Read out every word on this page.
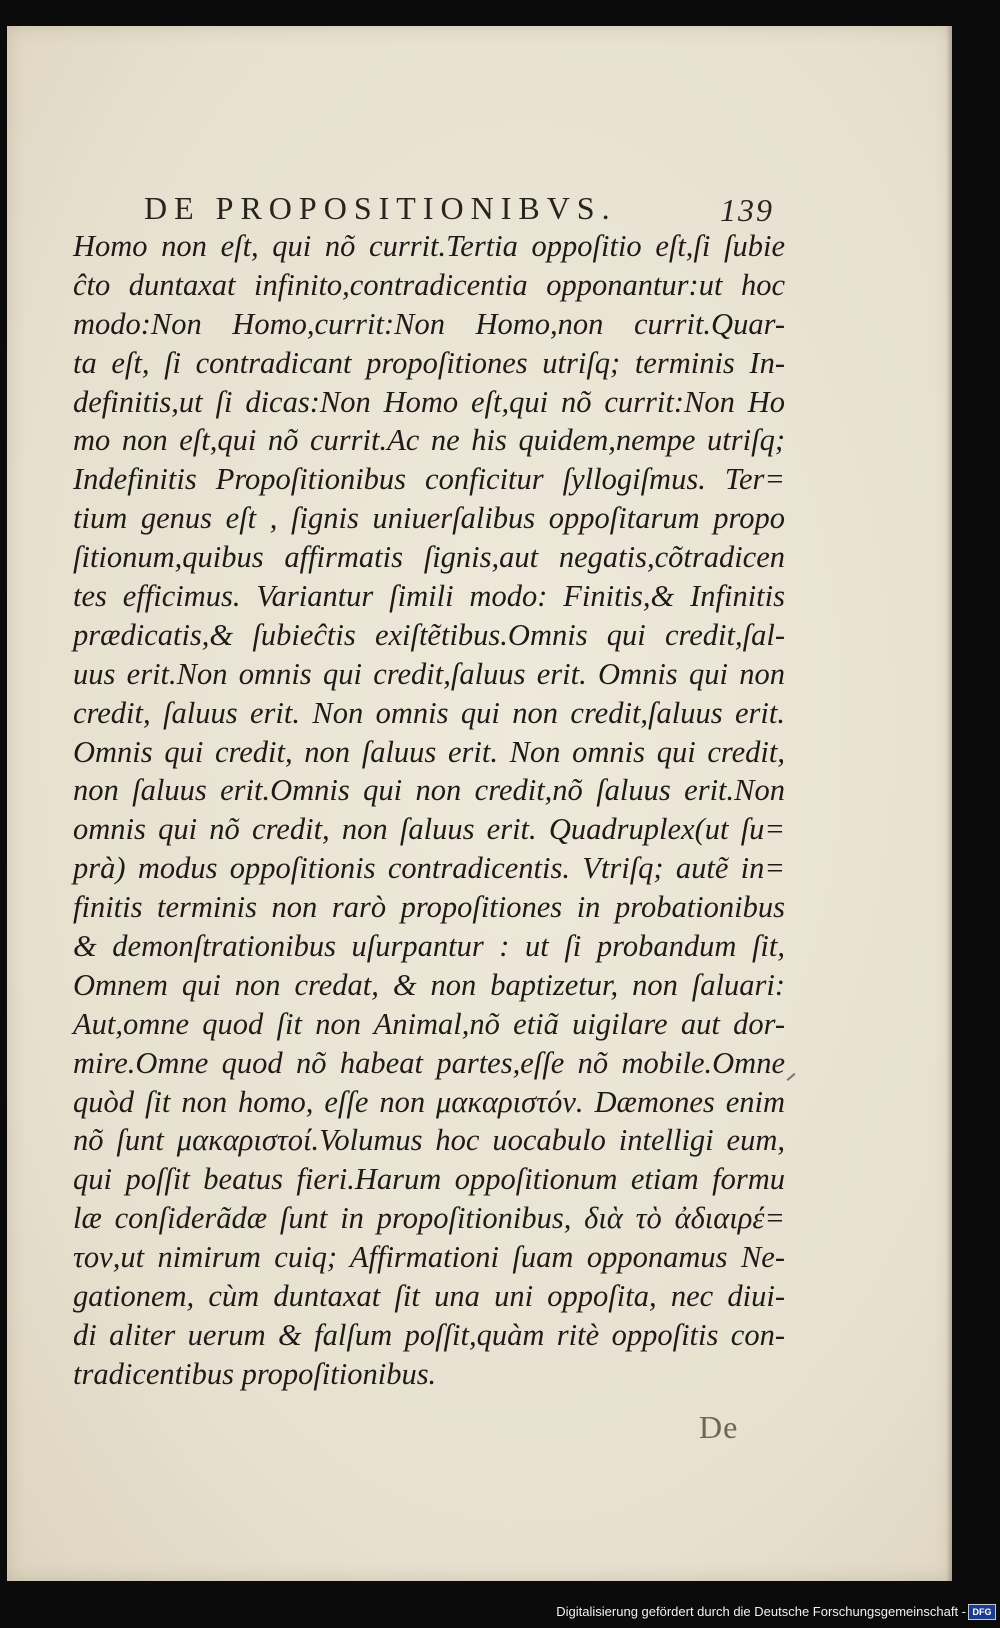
DE PROPOSITIONIBVS.	139
Homo non eſt, qui nõ currit.Tertia oppoſitio eſt,ſi ſubie
ĉto duntaxat infinito,contradicentia opponantur:ut hoc
modo:Non Homo,currit:Non Homo,non currit.Quar-
ta eſt, ſi contradicant propoſitiones utriſq; terminis In-
definitis,ut ſi dicas:Non Homo eſt,qui nõ currit:Non Ho
mo non eſt,qui nõ currit.Ac ne his quidem,nempe utriſq;
Indefinitis Propoſitionibus conficitur ſyllogiſmus. Ter=
tium genus eſt , ſignis uniuerſalibus oppoſitarum propo
ſitionum,quibus affirmatis ſignis,aut negatis,cõtradicen
tes efficimus. Variantur ſimili modo: Finitis,& Infinitis
prædicatis,& ſubieĉtis exiſtẽtibus.Omnis qui credit,ſal-
uus erit.Non omnis qui credit,ſaluus erit. Omnis qui non
credit, ſaluus erit. Non omnis qui non credit,ſaluus erit.
Omnis qui credit, non ſaluus erit. Non omnis qui credit,
non ſaluus erit.Omnis qui non credit,nõ ſaluus erit.Non
omnis qui nõ credit, non ſaluus erit. Quadruplex(ut ſu=
prà) modus oppoſitionis contradicentis. Vtriſq; autẽ in=
finitis terminis non rarò propoſitiones in probationibus
& demonſtrationibus uſurpantur : ut ſi probandum ſit,
Omnem qui non credat, & non baptizetur, non ſaluari:
Aut,omne quod ſit non Animal,nõ etiã uigilare aut dor-
mire.Omne quod nõ habeat partes,eſſe nõ mobile.Omne
quòd ſit non homo, eſſe non μακαριστόν. Dæmones enim
nõ ſunt μακαριστοί.Volumus hoc uocabulo intelligi eum,
qui poſſit beatus fieri.Harum oppoſitionum etiam formu
læ conſiderãdæ ſunt in propoſitionibus, διὰ τὸ ἀδιαιρέ=
τον,ut nimirum cuiq; Affirmationi ſuam opponamus Ne-
gationem, cùm duntaxat ſit una uni oppoſita, nec diui-
di aliter uerum & falſum poſſit,quàm ritè oppoſitis con-
tradicentibus propoſitionibus.
De
Digitalisierung gefördert durch die Deutsche Forschungsgemeinschaft - DFG
